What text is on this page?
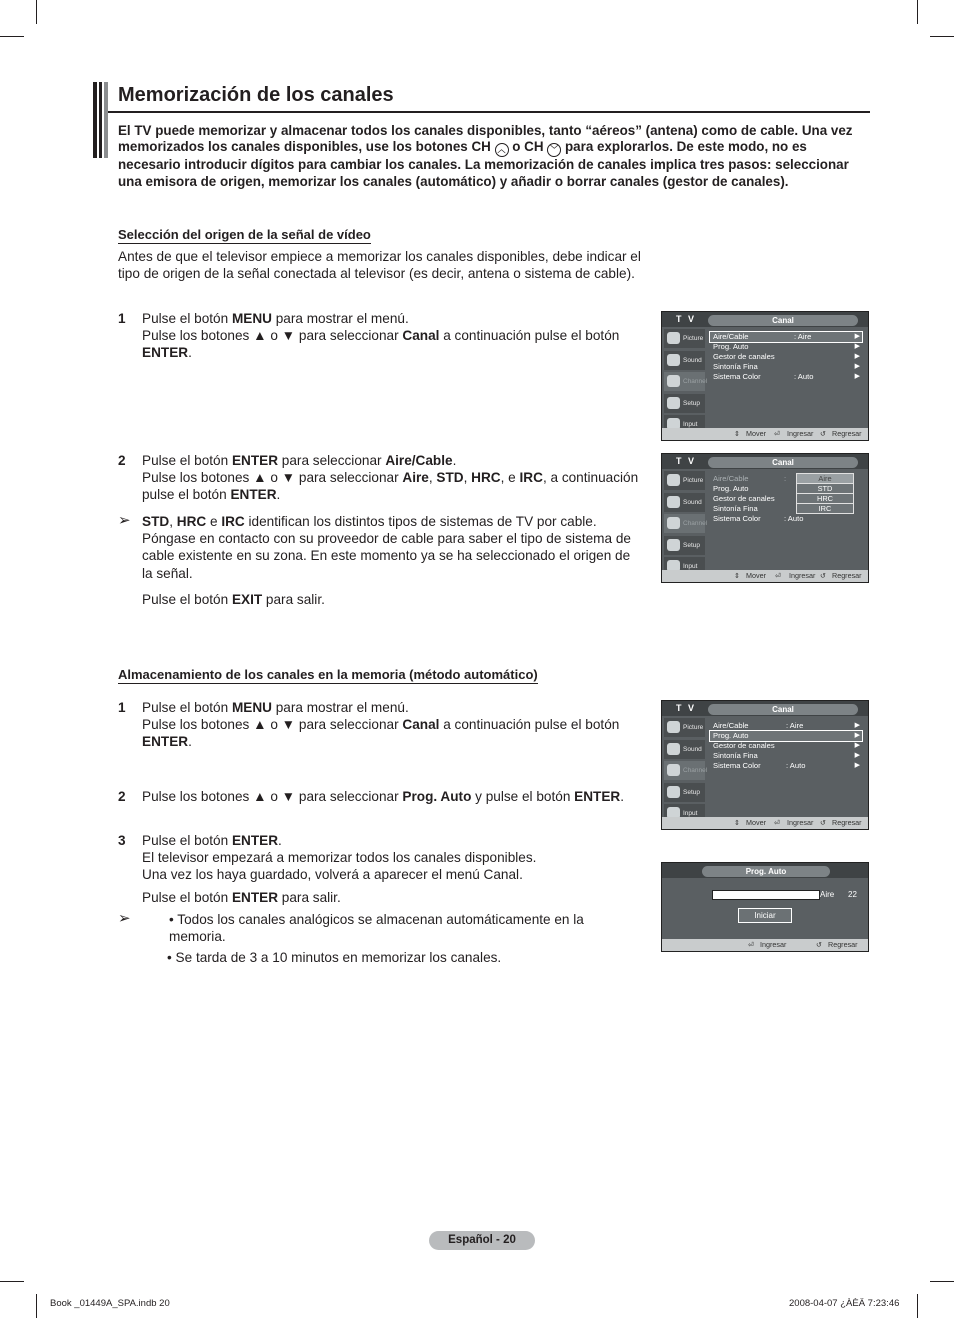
Memorización de los canales
El TV puede memorizar y almacenar todos los canales disponibles, tanto “aéreos” (antena) como de cable. Una vez memorizados los canales disponibles, use los botones CH ︿ o CH ﹀ para explorarlos. De este modo, no es necesario introducir dígitos para cambiar los canales. La memorización de canales implica tres pasos: seleccionar una emisora de origen, memorizar los canales (automático) y añadir o borrar canales (gestor de canales).
Selección del origen de la señal de vídeo
Antes de que el televisor empiece a memorizar los canales disponibles, debe indicar el tipo de origen de la señal conectada al televisor (es decir, antena o sistema de cable).
1 Pulse el botón MENU para mostrar el menú.
Pulse los botones ▲ o ▼ para seleccionar Canal a continuación pulse el botón ENTER.
2 Pulse el botón ENTER para seleccionar Aire/Cable.
Pulse los botones ▲ o ▼ para seleccionar Aire, STD, HRC, e IRC, a continuación pulse el botón ENTER.
➢ STD, HRC e IRC identifican los distintos tipos de sistemas de TV por cable. Póngase en contacto con su proveedor de cable para saber el tipo de sistema de cable existente en su zona. En este momento ya se ha seleccionado el origen de la señal.
Pulse el botón EXIT para salir.
Almacenamiento de los canales en la memoria (método automático)
1 Pulse el botón MENU para mostrar el menú.
Pulse los botones ▲ o ▼ para seleccionar Canal a continuación pulse el botón ENTER.
2 Pulse los botones ▲ o ▼ para seleccionar Prog. Auto y pulse el botón ENTER.
3 Pulse el botón ENTER.
El televisor empezará a memorizar todos los canales disponibles.
Una vez los haya guardado, volverá a aparecer el menú Canal.
Pulse el botón ENTER para salir.
➢	• Todos los canales analógicos se almacenan automáticamente en la memoria.
• Se tarda de 3 a 10 minutos en memorizar los canales.
T V	Canal
Picture
Sound
Channel
Setup
Input
Aire/Cable	: Aire	▶
Prog. Auto	▶
Gestor de canales	▶
Sintonía Fina	▶
Sistema Color	: Auto	▶
⇕ Mover ⏎ Ingresar ↺ Regresar
T V	Canal
Picture
Sound
Channel
Setup
Input
Aire/Cable	:
Prog. Auto
Gestor de canales
Sintonía Fina
Sistema Color	: Auto
Aire
STD
HRC
IRC
⇕ Mover ⏎ Ingresar ↺ Regresar
T V	Canal
Picture
Sound
Channel
Setup
Input
Aire/Cable	: Aire	▶
Prog. Auto	▶
Gestor de canales	▶
Sintonía Fina	▶
Sistema Color	: Auto	▶
⇕ Mover ⏎ Ingresar ↺ Regresar
Prog. Auto
Aire 22
Iniciar
⏎ Ingresar	↺ Regresar
Español - 20
Book _01449A_SPA.indb 20	2008-04-07 ¿ÀÈÄ 7:23:46
